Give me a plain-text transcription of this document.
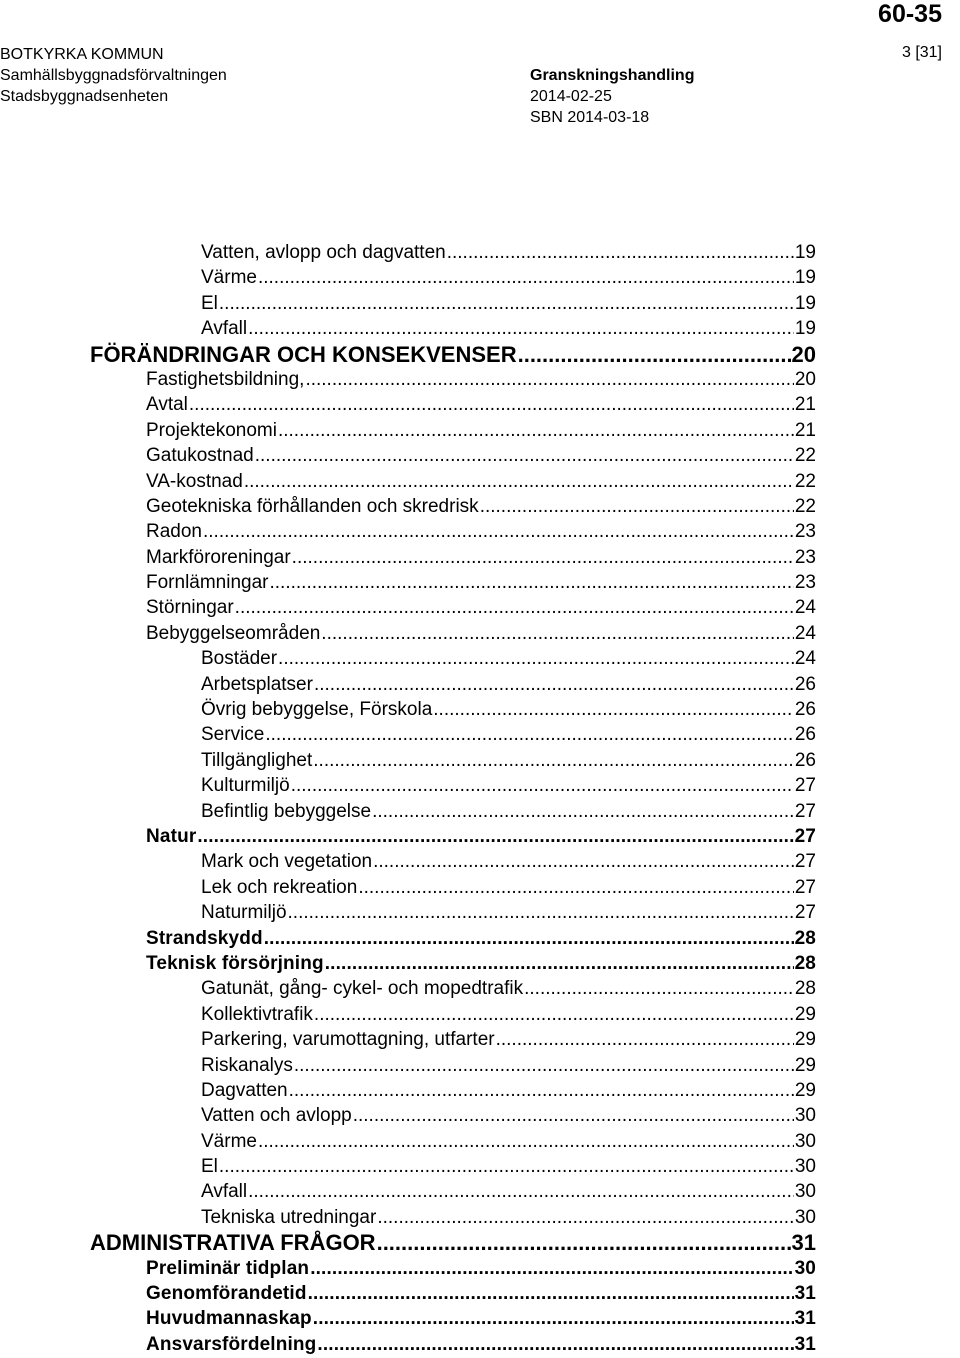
60-35
BOTKYRKA KOMMUN
Samhällsbyggnadsförvaltningen
Stadsbyggnadsenheten
Granskningshandling
2014-02-25
SBN 2014-03-18
3 [31]
Vatten, avlopp och dagvatten .....	19
Värme .....	19
El .....	19
Avfall .....	19
FÖRÄNDRINGAR OCH KONSEKVENSER .....	20
Fastighetsbildning, .....	20
Avtal .....	21
Projektekonomi .....	21
Gatukostnad .....	22
VA-kostnad .....	22
Geotekniska förhållanden och skredrisk .....	22
Radon .....	23
Markföroreningar .....	23
Fornlämningar .....	23
Störningar .....	24
Bebyggelseområden .....	24
Bostäder .....	24
Arbetsplatser .....	26
Övrig bebyggelse, Förskola .....	26
Service .....	26
Tillgänglighet .....	26
Kulturmiljö .....	27
Befintlig bebyggelse .....	27
Natur .....	27
Mark och vegetation .....	27
Lek och rekreation .....	27
Naturmiljö .....	27
Strandskydd .....	28
Teknisk försörjning .....	28
Gatunät, gång- cykel- och mopedtrafik .....	28
Kollektivtrafik .....	29
Parkering, varumottagning, utfarter .....	29
Riskanalys .....	29
Dagvatten .....	29
Vatten och avlopp .....	30
Värme .....	30
El .....	30
Avfall .....	30
Tekniska utredningar .....	30
ADMINISTRATIVA FRÅGOR .....	31
Preliminär tidplan .....	30
Genomförandetid .....	31
Huvudmannaskap .....	31
Ansvarsfördelning .....	31
